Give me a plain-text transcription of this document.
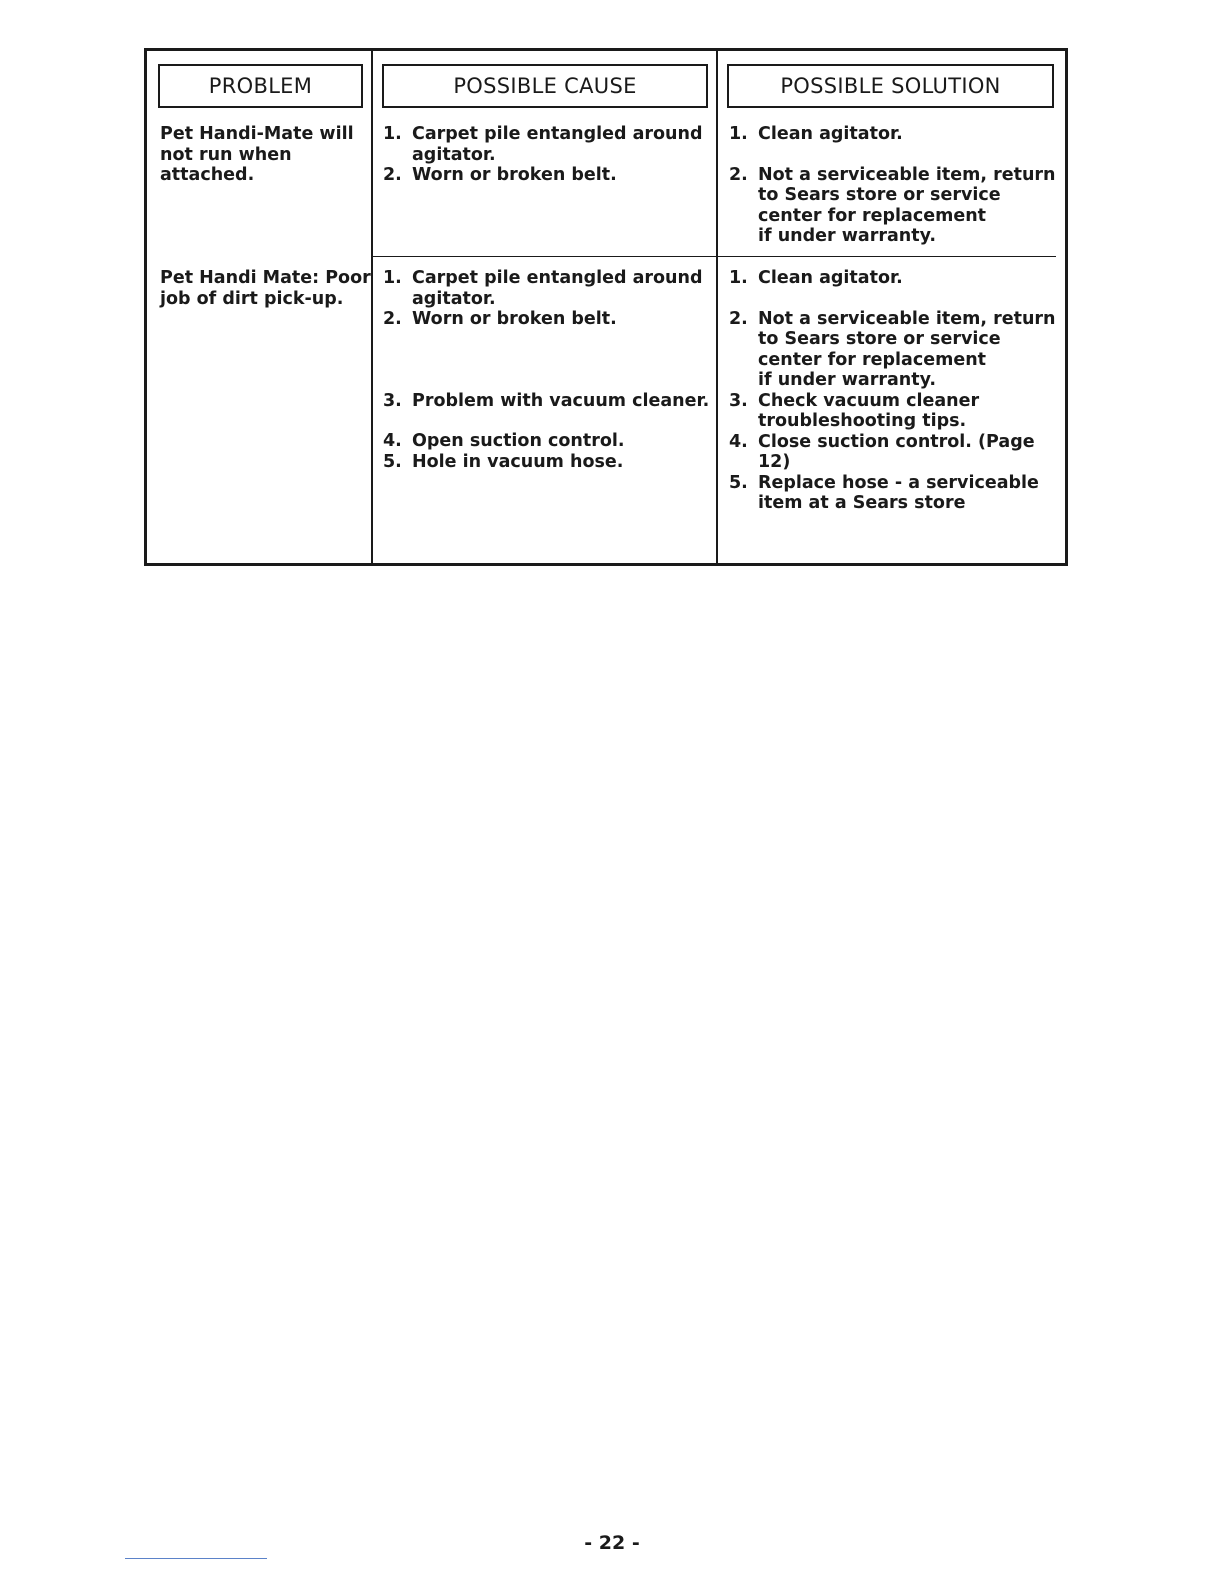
PROBLEM	POSSIBLE CAUSE	POSSIBLE SOLUTION
Pet Handi-Mate will
not run when
attached.
1. Carpet pile entangled around
agitator.
2. Worn or broken belt.
1. Clean agitator.
2. Not a serviceable item, return
to Sears store or service
center for replacement
if under warranty.
Pet Handi Mate: Poor
job of dirt pick-up.
1. Carpet pile entangled around
agitator.
2. Worn or broken belt.
3. Problem with vacuum cleaner.
4. Open suction control.
5. Hole in vacuum hose.
1. Clean agitator.
2. Not a serviceable item, return
to Sears store or service
center for replacement
if under warranty.
3. Check vacuum cleaner
troubleshooting tips.
4. Close suction control. (Page 12)
5. Replace hose - a serviceable
item at a Sears store
- 22 -
